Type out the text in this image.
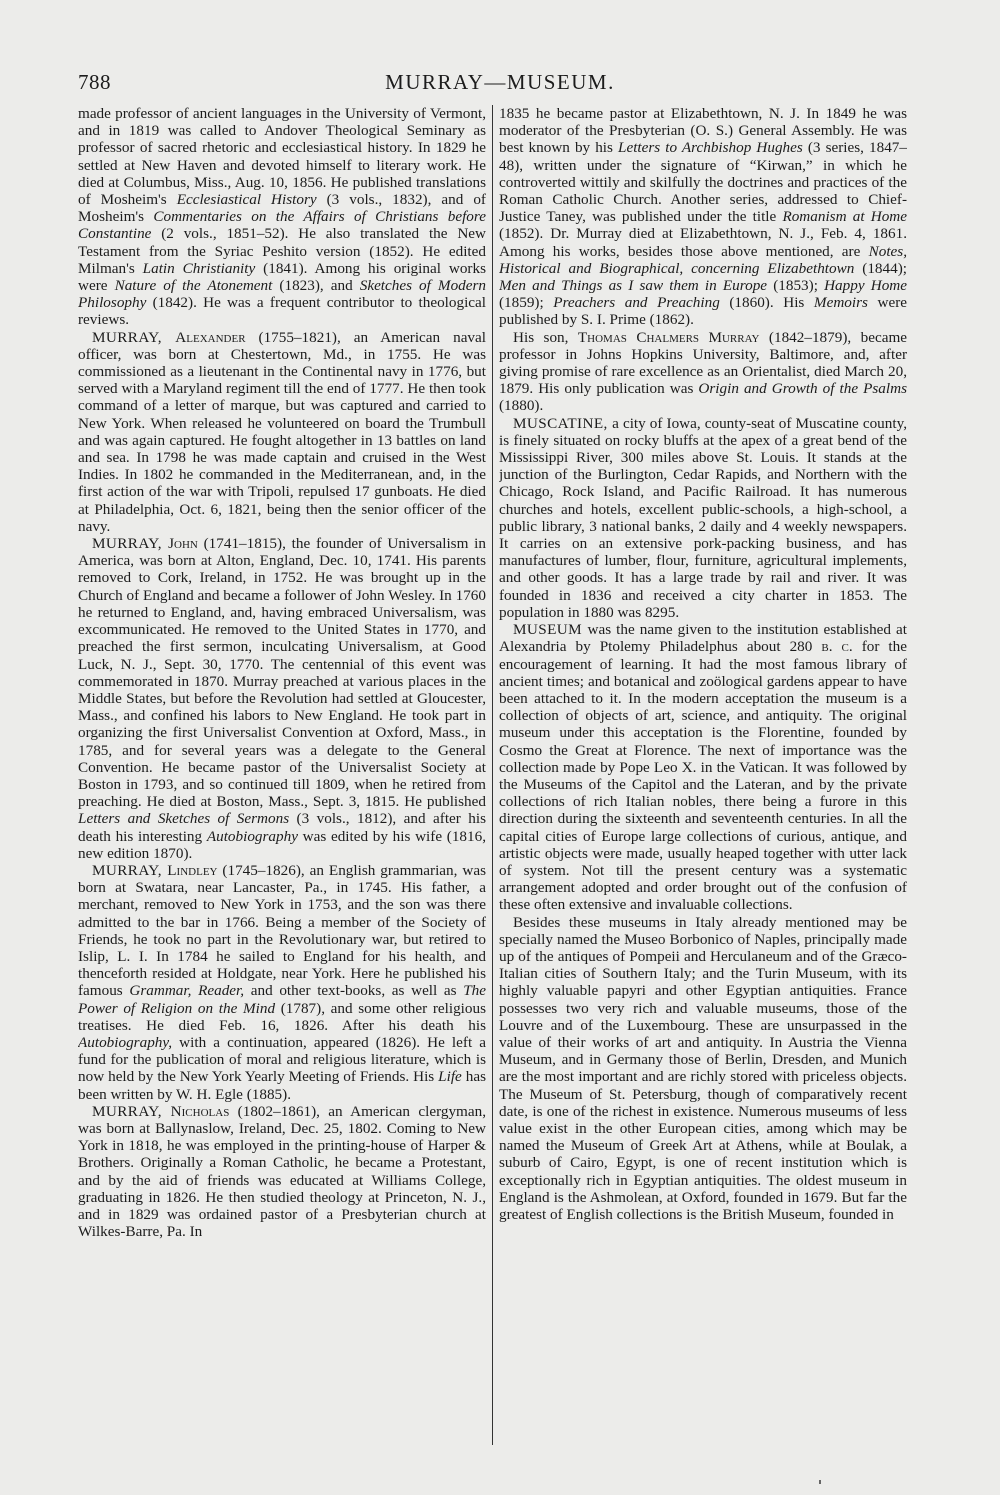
788	MURRAY—MUSEUM.

made professor of ancient languages in the University of Vermont, and in 1819 was called to Andover Theological Seminary as professor of sacred rhetoric and ecclesiastical history. In 1829 he settled at New Haven and devoted himself to literary work. He died at Columbus, Miss., Aug. 10, 1856. He published translations of Mosheim's Ecclesiastical History (3 vols., 1832), and of Mosheim's Commentaries on the Affairs of Christians before Constantine (2 vols., 1851–52). He also translated the New Testament from the Syriac Peshito version (1852). He edited Milman's Latin Christianity (1841). Among his original works were Nature of the Atonement (1823), and Sketches of Modern Philosophy (1842). He was a frequent contributor to theological reviews.

MURRAY, Alexander (1755–1821), an American naval officer, was born at Chestertown, Md., in 1755. He was commissioned as a lieutenant in the Continental navy in 1776, but served with a Maryland regiment till the end of 1777. He then took command of a letter of marque, but was captured and carried to New York. When released he volunteered on board the Trumbull and was again captured. He fought altogether in 13 battles on land and sea. In 1798 he was made captain and cruised in the West Indies. In 1802 he commanded in the Mediterranean, and, in the first action of the war with Tripoli, repulsed 17 gunboats. He died at Philadelphia, Oct. 6, 1821, being then the senior officer of the navy.

MURRAY, John (1741–1815), the founder of Universalism in America, was born at Alton, England, Dec. 10, 1741. His parents removed to Cork, Ireland, in 1752. He was brought up in the Church of England and became a follower of John Wesley. In 1760 he returned to England, and, having embraced Universalism, was excommunicated. He removed to the United States in 1770, and preached the first sermon, inculcating Universalism, at Good Luck, N. J., Sept. 30, 1770. The centennial of this event was commemorated in 1870. Murray preached at various places in the Middle States, but before the Revolution had settled at Gloucester, Mass., and confined his labors to New England. He took part in organizing the first Universalist Convention at Oxford, Mass., in 1785, and for several years was a delegate to the General Convention. He became pastor of the Universalist Society at Boston in 1793, and so continued till 1809, when he retired from preaching. He died at Boston, Mass., Sept. 3, 1815. He published Letters and Sketches of Sermons (3 vols., 1812), and after his death his interesting Autobiography was edited by his wife (1816, new edition 1870).

MURRAY, Lindley (1745–1826), an English grammarian, was born at Swatara, near Lancaster, Pa., in 1745. His father, a merchant, removed to New York in 1753, and the son was there admitted to the bar in 1766. Being a member of the Society of Friends, he took no part in the Revolutionary war, but retired to Islip, L. I. In 1784 he sailed to England for his health, and thenceforth resided at Holdgate, near York. Here he published his famous Grammar, Reader, and other text-books, as well as The Power of Religion on the Mind (1787), and some other religious treatises. He died Feb. 16, 1826. After his death his Autobiography, with a continuation, appeared (1826). He left a fund for the publication of moral and religious literature, which is now held by the New York Yearly Meeting of Friends. His Life has been written by W. H. Egle (1885).

MURRAY, Nicholas (1802–1861), an American clergyman, was born at Ballynaslow, Ireland, Dec. 25, 1802. Coming to New York in 1818, he was employed in the printing-house of Harper & Brothers. Originally a Roman Catholic, he became a Protestant, and by the aid of friends was educated at Williams College, graduating in 1826. He then studied theology at Princeton, N. J., and in 1829 was ordained pastor of a Presbyterian church at Wilkes-Barre, Pa. In

1835 he became pastor at Elizabethtown, N. J. In 1849 he was moderator of the Presbyterian (O. S.) General Assembly. He was best known by his Letters to Archbishop Hughes (3 series, 1847–48), written under the signature of “Kirwan,” in which he controverted wittily and skilfully the doctrines and practices of the Roman Catholic Church. Another series, addressed to Chief-Justice Taney, was published under the title Romanism at Home (1852). Dr. Murray died at Elizabethtown, N. J., Feb. 4, 1861. Among his works, besides those above mentioned, are Notes, Historical and Biographical, concerning Elizabethtown (1844); Men and Things as I saw them in Europe (1853); Happy Home (1859); Preachers and Preaching (1860). His Memoirs were published by S. I. Prime (1862).

His son, Thomas Chalmers Murray (1842–1879), became professor in Johns Hopkins University, Baltimore, and, after giving promise of rare excellence as an Orientalist, died March 20, 1879. His only publication was Origin and Growth of the Psalms (1880).

MUSCATINE, a city of Iowa, county-seat of Muscatine county, is finely situated on rocky bluffs at the apex of a great bend of the Mississippi River, 300 miles above St. Louis. It stands at the junction of the Burlington, Cedar Rapids, and Northern with the Chicago, Rock Island, and Pacific Railroad. It has numerous churches and hotels, excellent public-schools, a high-school, a public library, 3 national banks, 2 daily and 4 weekly newspapers. It carries on an extensive pork-packing business, and has manufactures of lumber, flour, furniture, agricultural implements, and other goods. It has a large trade by rail and river. It was founded in 1836 and received a city charter in 1853. The population in 1880 was 8295.

MUSEUM was the name given to the institution established at Alexandria by Ptolemy Philadelphus about 280 b. c. for the encouragement of learning. It had the most famous library of ancient times; and botanical and zoölogical gardens appear to have been attached to it. In the modern acceptation the museum is a collection of objects of art, science, and antiquity. The original museum under this acceptation is the Florentine, founded by Cosmo the Great at Florence. The next of importance was the collection made by Pope Leo X. in the Vatican. It was followed by the Museums of the Capitol and the Lateran, and by the private collections of rich Italian nobles, there being a furore in this direction during the sixteenth and seventeenth centuries. In all the capital cities of Europe large collections of curious, antique, and artistic objects were made, usually heaped together with utter lack of system. Not till the present century was a systematic arrangement adopted and order brought out of the confusion of these often extensive and invaluable collections.

Besides these museums in Italy already mentioned may be specially named the Museo Borbonico of Naples, principally made up of the antiques of Pompeii and Herculaneum and of the Græco-Italian cities of Southern Italy; and the Turin Museum, with its highly valuable papyri and other Egyptian antiquities. France possesses two very rich and valuable museums, those of the Louvre and of the Luxembourg. These are unsurpassed in the value of their works of art and antiquity. In Austria the Vienna Museum, and in Germany those of Berlin, Dresden, and Munich are the most important and are richly stored with priceless objects. The Museum of St. Petersburg, though of comparatively recent date, is one of the richest in existence. Numerous museums of less value exist in the other European cities, among which may be named the Museum of Greek Art at Athens, while at Boulak, a suburb of Cairo, Egypt, is one of recent institution which is exceptionally rich in Egyptian antiquities. The oldest museum in England is the Ashmolean, at Oxford, founded in 1679. But far the greatest of English collections is the British Museum, founded in
